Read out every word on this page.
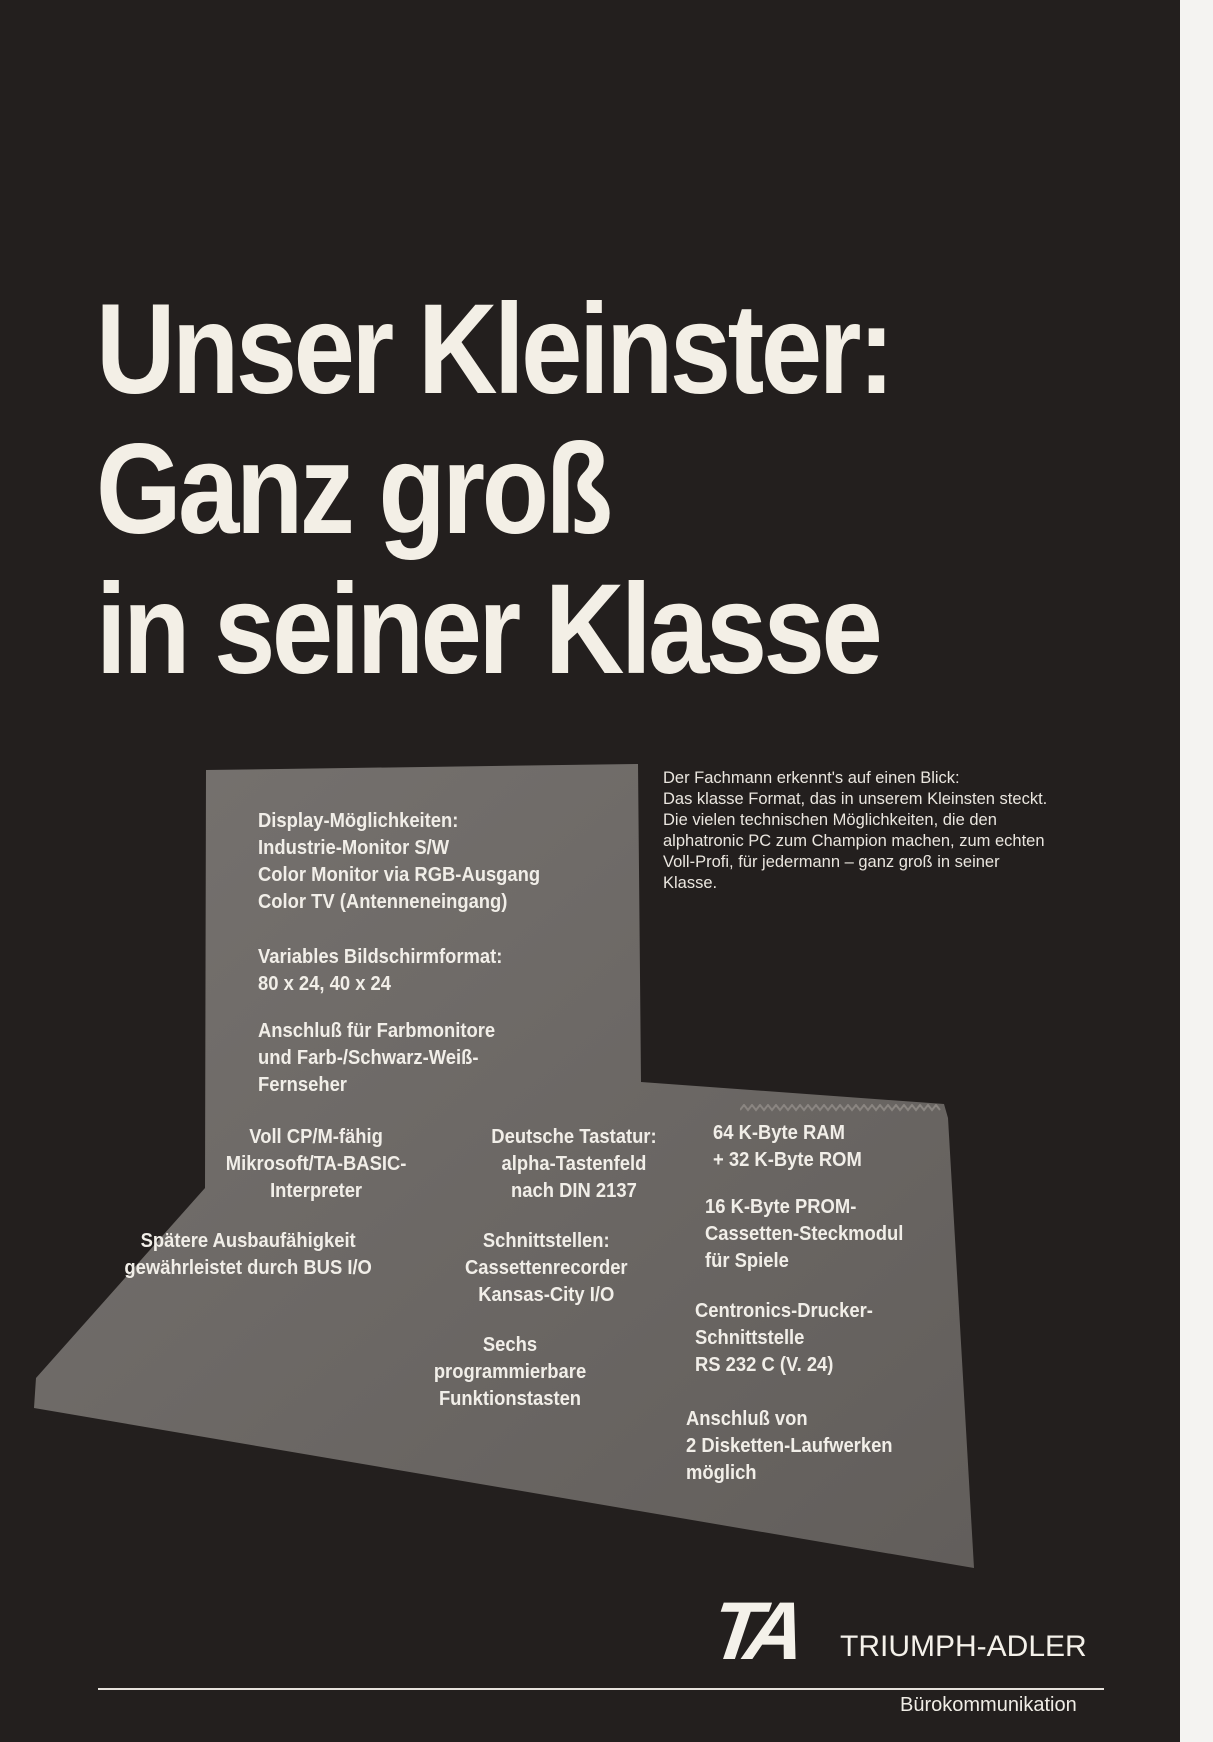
Unser Kleinster:
Ganz groß
in seiner Klasse
Display-Möglichkeiten:
Industrie-Monitor S/W
Color Monitor via RGB-Ausgang
Color TV (Antenneneingang)
Variables Bildschirmformat:
80 x 24, 40 x 24
Anschluß für Farbmonitore
und Farb-/Schwarz-Weiß-
Fernseher
Voll CP/M-fähig
Mikrosoft/TA-BASIC-
Interpreter
Deutsche Tastatur:
alpha-Tastenfeld
nach DIN 2137
64 K-Byte RAM
+ 32 K-Byte ROM
Spätere Ausbaufähigkeit
gewährleistet durch BUS I/O
Schnittstellen:
Cassettenrecorder
Kansas-City I/O
16 K-Byte PROM-
Cassetten-Steckmodul
für Spiele
Centronics-Drucker-
Schnittstelle
RS 232 C (V. 24)
Sechs
programmierbare
Funktionstasten
Anschluß von
2 Disketten-Laufwerken
möglich
Der Fachmann erkennt's auf einen Blick:
Das klasse Format, das in unserem Kleinsten steckt.
Die vielen technischen Möglichkeiten, die den
alphatronic PC zum Champion machen, zum echten
Voll-Profi, für jedermann – ganz groß in seiner
Klasse.
TA TRIUMPH-ADLER
Bürokommunikation
